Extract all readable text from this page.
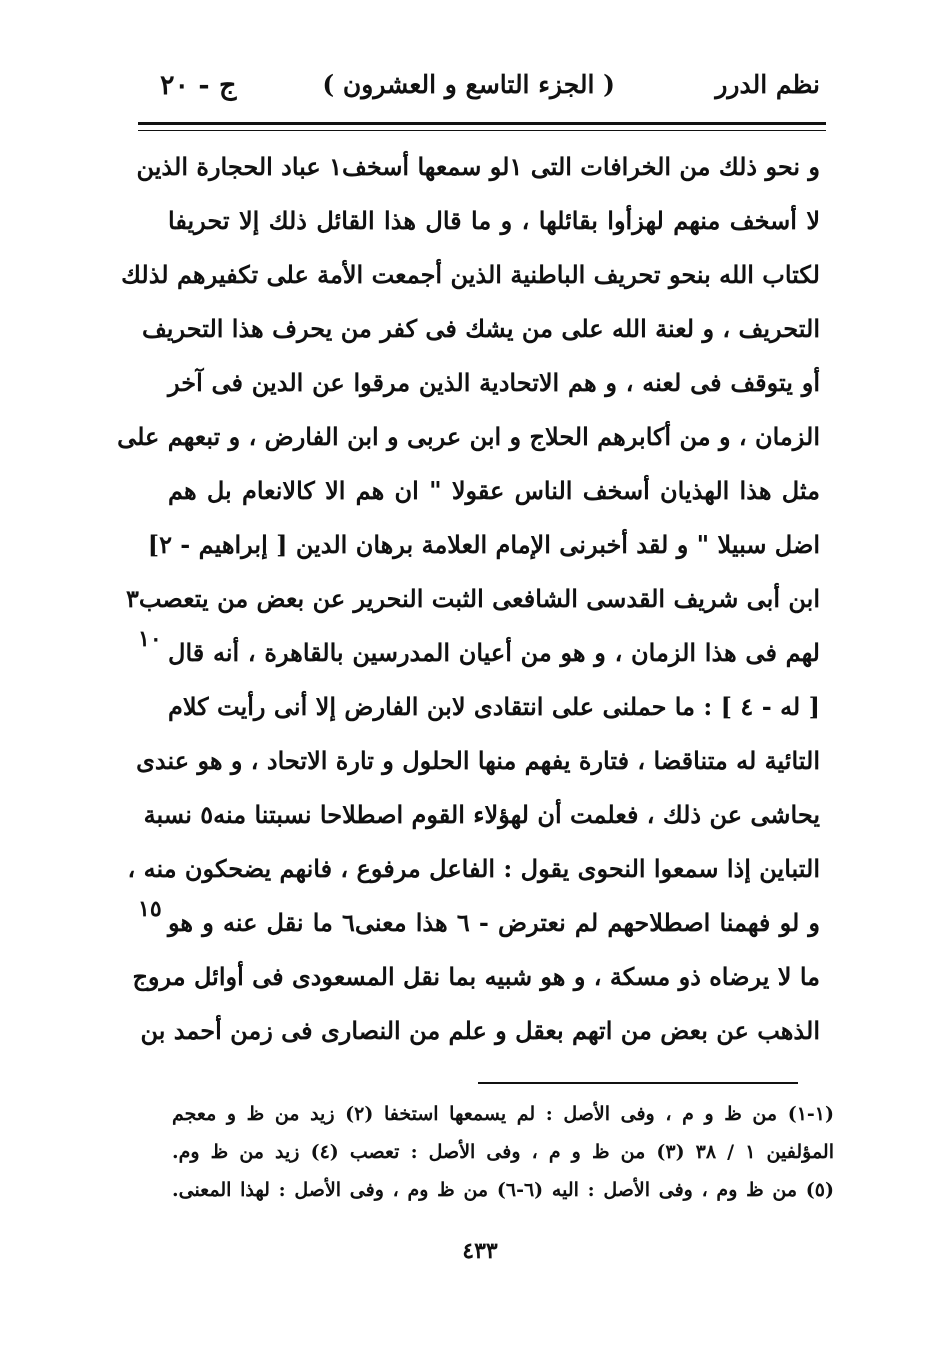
نظم الدرر
( الجزء التاسع و العشرون )
ج - ٢٠
و نحو ذلك من الخرافات التى ١لو سمعها أسخف١ عباد الحجارة الذين
لا أسخف منهم لهزأوا بقائلها ، و ما قال هذا القائل ذلك إلا تحريفا
لكتاب الله بنحو تحريف الباطنية الذين أجمعت الأمة على تكفيرهم لذلك
التحريف ، و لعنة الله على من يشك فى كفر من يحرف هذا التحريف
أو يتوقف فى لعنه ، و هم الاتحادية الذين مرقوا عن الدين فى آخر
الزمان ، و من أكابرهم الحلاج و ابن عربى و ابن الفارض ، و تبعهم على
مثل هذا الهذيان أسخف الناس عقولا " ان هم الا كالانعام بل هم
اضل سبيلا " و لقد أخبرنى الإمام العلامة برهان الدين [ إبراهيم - ٢]
ابن أبى شريف القدسى الشافعى الثبت النحرير عن بعض من يتعصب٣
لهم فى هذا الزمان ، و هو من أعيان المدرسين بالقاهرة ، أنه قال
١٠
[ له - ٤ ] : ما حملنى على انتقادى لابن الفارض إلا أنى رأيت كلام
التائية له متناقضا ، فتارة يفهم منها الحلول و تارة الاتحاد ، و هو عندى
يحاشى عن ذلك ، فعلمت أن لهؤلاء القوم اصطلاحا نسبتنا منه٥ نسبة
التباين إذا سمعوا النحوى يقول : الفاعل مرفوع ، فانهم يضحكون منه ،
و لو فهمنا اصطلاحهم لم نعترض - ٦ هذا معنى٦ ما نقل عنه و هو
١٥
ما لا يرضاه ذو مسكة ، و هو شبيه بما نقل المسعودى فى أوائل مروج
الذهب عن بعض من اتهم بعقل و علم من النصارى فى زمن أحمد بن
(١-١) من ظ و م ، وفى الأصل : لم يسمعها استخفا (٢) زيد من ظ و معجم
المؤلفين ١ / ٣٨ (٣) من ظ و م ، وفى الأصل : تعصب (٤) زيد من ظ وم.
(٥) من ظ وم ، وفى الأصل : اليه (٦-٦) من ظ وم ، وفى الأصل : لهذا المعنى.
٤٣٣
